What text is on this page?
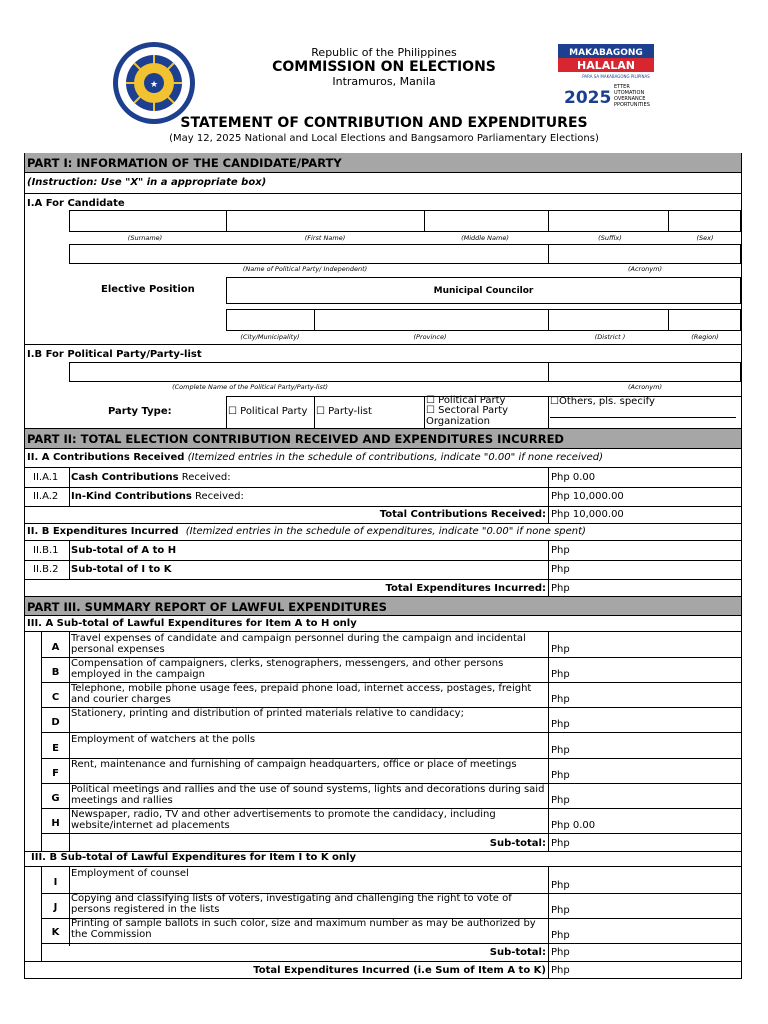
★
Republic of the Philippines
COMMISSION ON ELECTIONS
Intramuros, Manila
MAKABAGONG
HALALAN
PARA SA MAKABAGONG PILIPINAS
2025
ETTER
UTOMATION
OVERNANCE
PPORTUNITIES
STATEMENT OF CONTRIBUTION AND EXPENDITURES
(May 12, 2025 National and Local Elections and Bangsamoro Parliamentary Elections)
PART I: INFORMATION OF THE CANDIDATE/PARTY
(Instruction: Use "X" in a appropriate box)
I.A For Candidate
(Surname)	(First Name)	(Middle Name)	(Suffix)	(Sex)
(Name of Political Party/ Independent)	(Acronym)
Elective Position	Municipal Councilor
(City/Municipality)	(Province)	(District )	(Region)
I.B For Political Party/Party-list
(Complete Name of the Political Party/Party-list)	(Acronym)
Party Type:	☐ Political Party ☐ Party-list
☐ Political Party
☐ Sectoral Party
Organization
☐Others, pls. specify
PART II: TOTAL ELECTION CONTRIBUTION RECEIVED AND EXPENDITURES INCURRED
II. A Contributions Received (Itemized entries in the schedule of contributions, indicate "0.00" if none received)
II.A.1 Cash Contributions Received:	Php 0.00
II.A.2 In-Kind Contributions Received:	Php 10,000.00
Total Contributions Received: Php 10,000.00
II. B Expenditures Incurred (Itemized entries in the schedule of expenditures, indicate "0.00" if none spent)
II.B.1 Sub-total of A to H	Php
II.B.2 Sub-total of I to K	Php
Total Expenditures Incurred: Php
PART III. SUMMARY REPORT OF LAWFUL EXPENDITURES
III. A Sub-total of Lawful Expenditures for Item A to H only
A
Travel expenses of candidate and campaign personnel during the campaign and incidental personal expenses	Php
B
Compensation of campaigners, clerks, stenographers, messengers, and other persons employed in the campaign	Php
C
Telephone, mobile phone usage fees, prepaid phone load, internet access, postages, freight and courier charges	Php
D
Stationery, printing and distribution of printed materials relative to candidacy;
Php
E
Employment of watchers at the polls
Php
F
Rent, maintenance and furnishing of campaign headquarters, office or place of meetings
Php
G
Political meetings and rallies and the use of sound systems, lights and decorations during said meetings and rallies	Php
H
Newspaper, radio, TV and other advertisements to promote the candidacy, including website/internet ad placements	Php 0.00
Sub-total: Php
III. B Sub-total of Lawful Expenditures for Item I to K only
I
Employment of counsel
Php
J
Copying and classifying lists of voters, investigating and challenging the right to vote of persons registered in the lists	Php
K
Printing of sample ballots in such color, size and maximum number as may be authorized by the Commission	Php
Sub-total: Php
Total Expenditures Incurred (i.e Sum of Item A to K) Php
